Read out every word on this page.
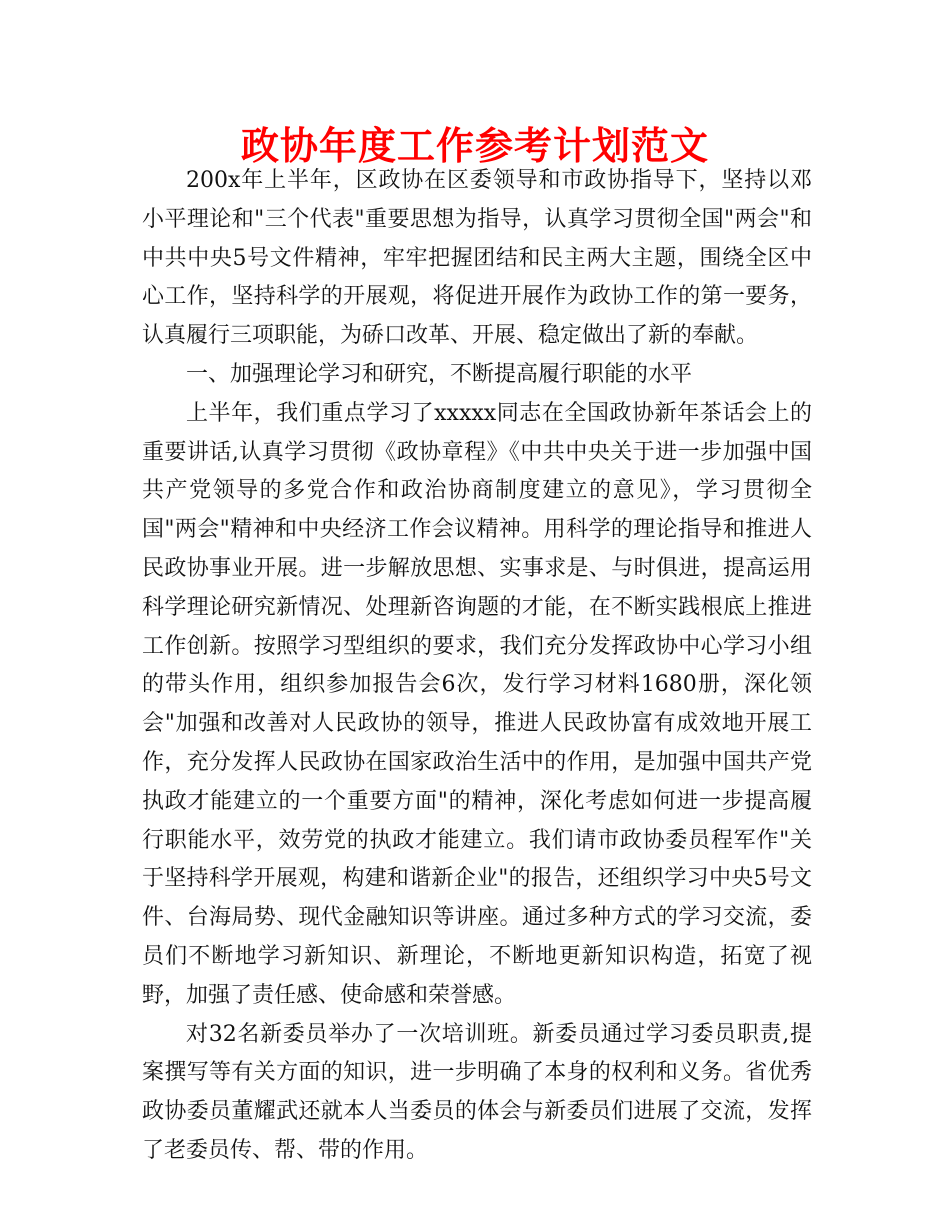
政协年度工作参考计划范文

200x年上半年，区政协在区委领导和市政协指导下，坚持以邓小平理论和"三个代表"重要思想为指导，认真学习贯彻全国"两会"和中共中央5号文件精神，牢牢把握团结和民主两大主题，围绕全区中心工作，坚持科学的开展观，将促进开展作为政协工作的第一要务，认真履行三项职能，为硚口改革、开展、稳定做出了新的奉献。

一、加强理论学习和研究，不断提高履行职能的水平

上半年，我们重点学习了xxxxx同志在全国政协新年茶话会上的重要讲话,认真学习贯彻《政协章程》《中共中央关于进一步加强中国共产党领导的多党合作和政治协商制度建立的意见》，学习贯彻全国"两会"精神和中央经济工作会议精神。用科学的理论指导和推进人民政协事业开展。进一步解放思想、实事求是、与时俱进，提高运用科学理论研究新情况、处理新咨询题的才能，在不断实践根底上推进工作创新。按照学习型组织的要求，我们充分发挥政协中心学习小组的带头作用，组织参加报告会6次，发行学习材料1680册，深化领会"加强和改善对人民政协的领导，推进人民政协富有成效地开展工作，充分发挥人民政协在国家政治生活中的作用，是加强中国共产党执政才能建立的一个重要方面"的精神，深化考虑如何进一步提高履行职能水平，效劳党的执政才能建立。我们请市政协委员程军作"关于坚持科学开展观，构建和谐新企业"的报告，还组织学习中央5号文件、台海局势、现代金融知识等讲座。通过多种方式的学习交流，委员们不断地学习新知识、新理论，不断地更新知识构造，拓宽了视野，加强了责任感、使命感和荣誉感。

对32名新委员举办了一次培训班。新委员通过学习委员职责,提案撰写等有关方面的知识，进一步明确了本身的权利和义务。省优秀政协委员董耀武还就本人当委员的体会与新委员们进展了交流，发挥了老委员传、帮、带的作用。
